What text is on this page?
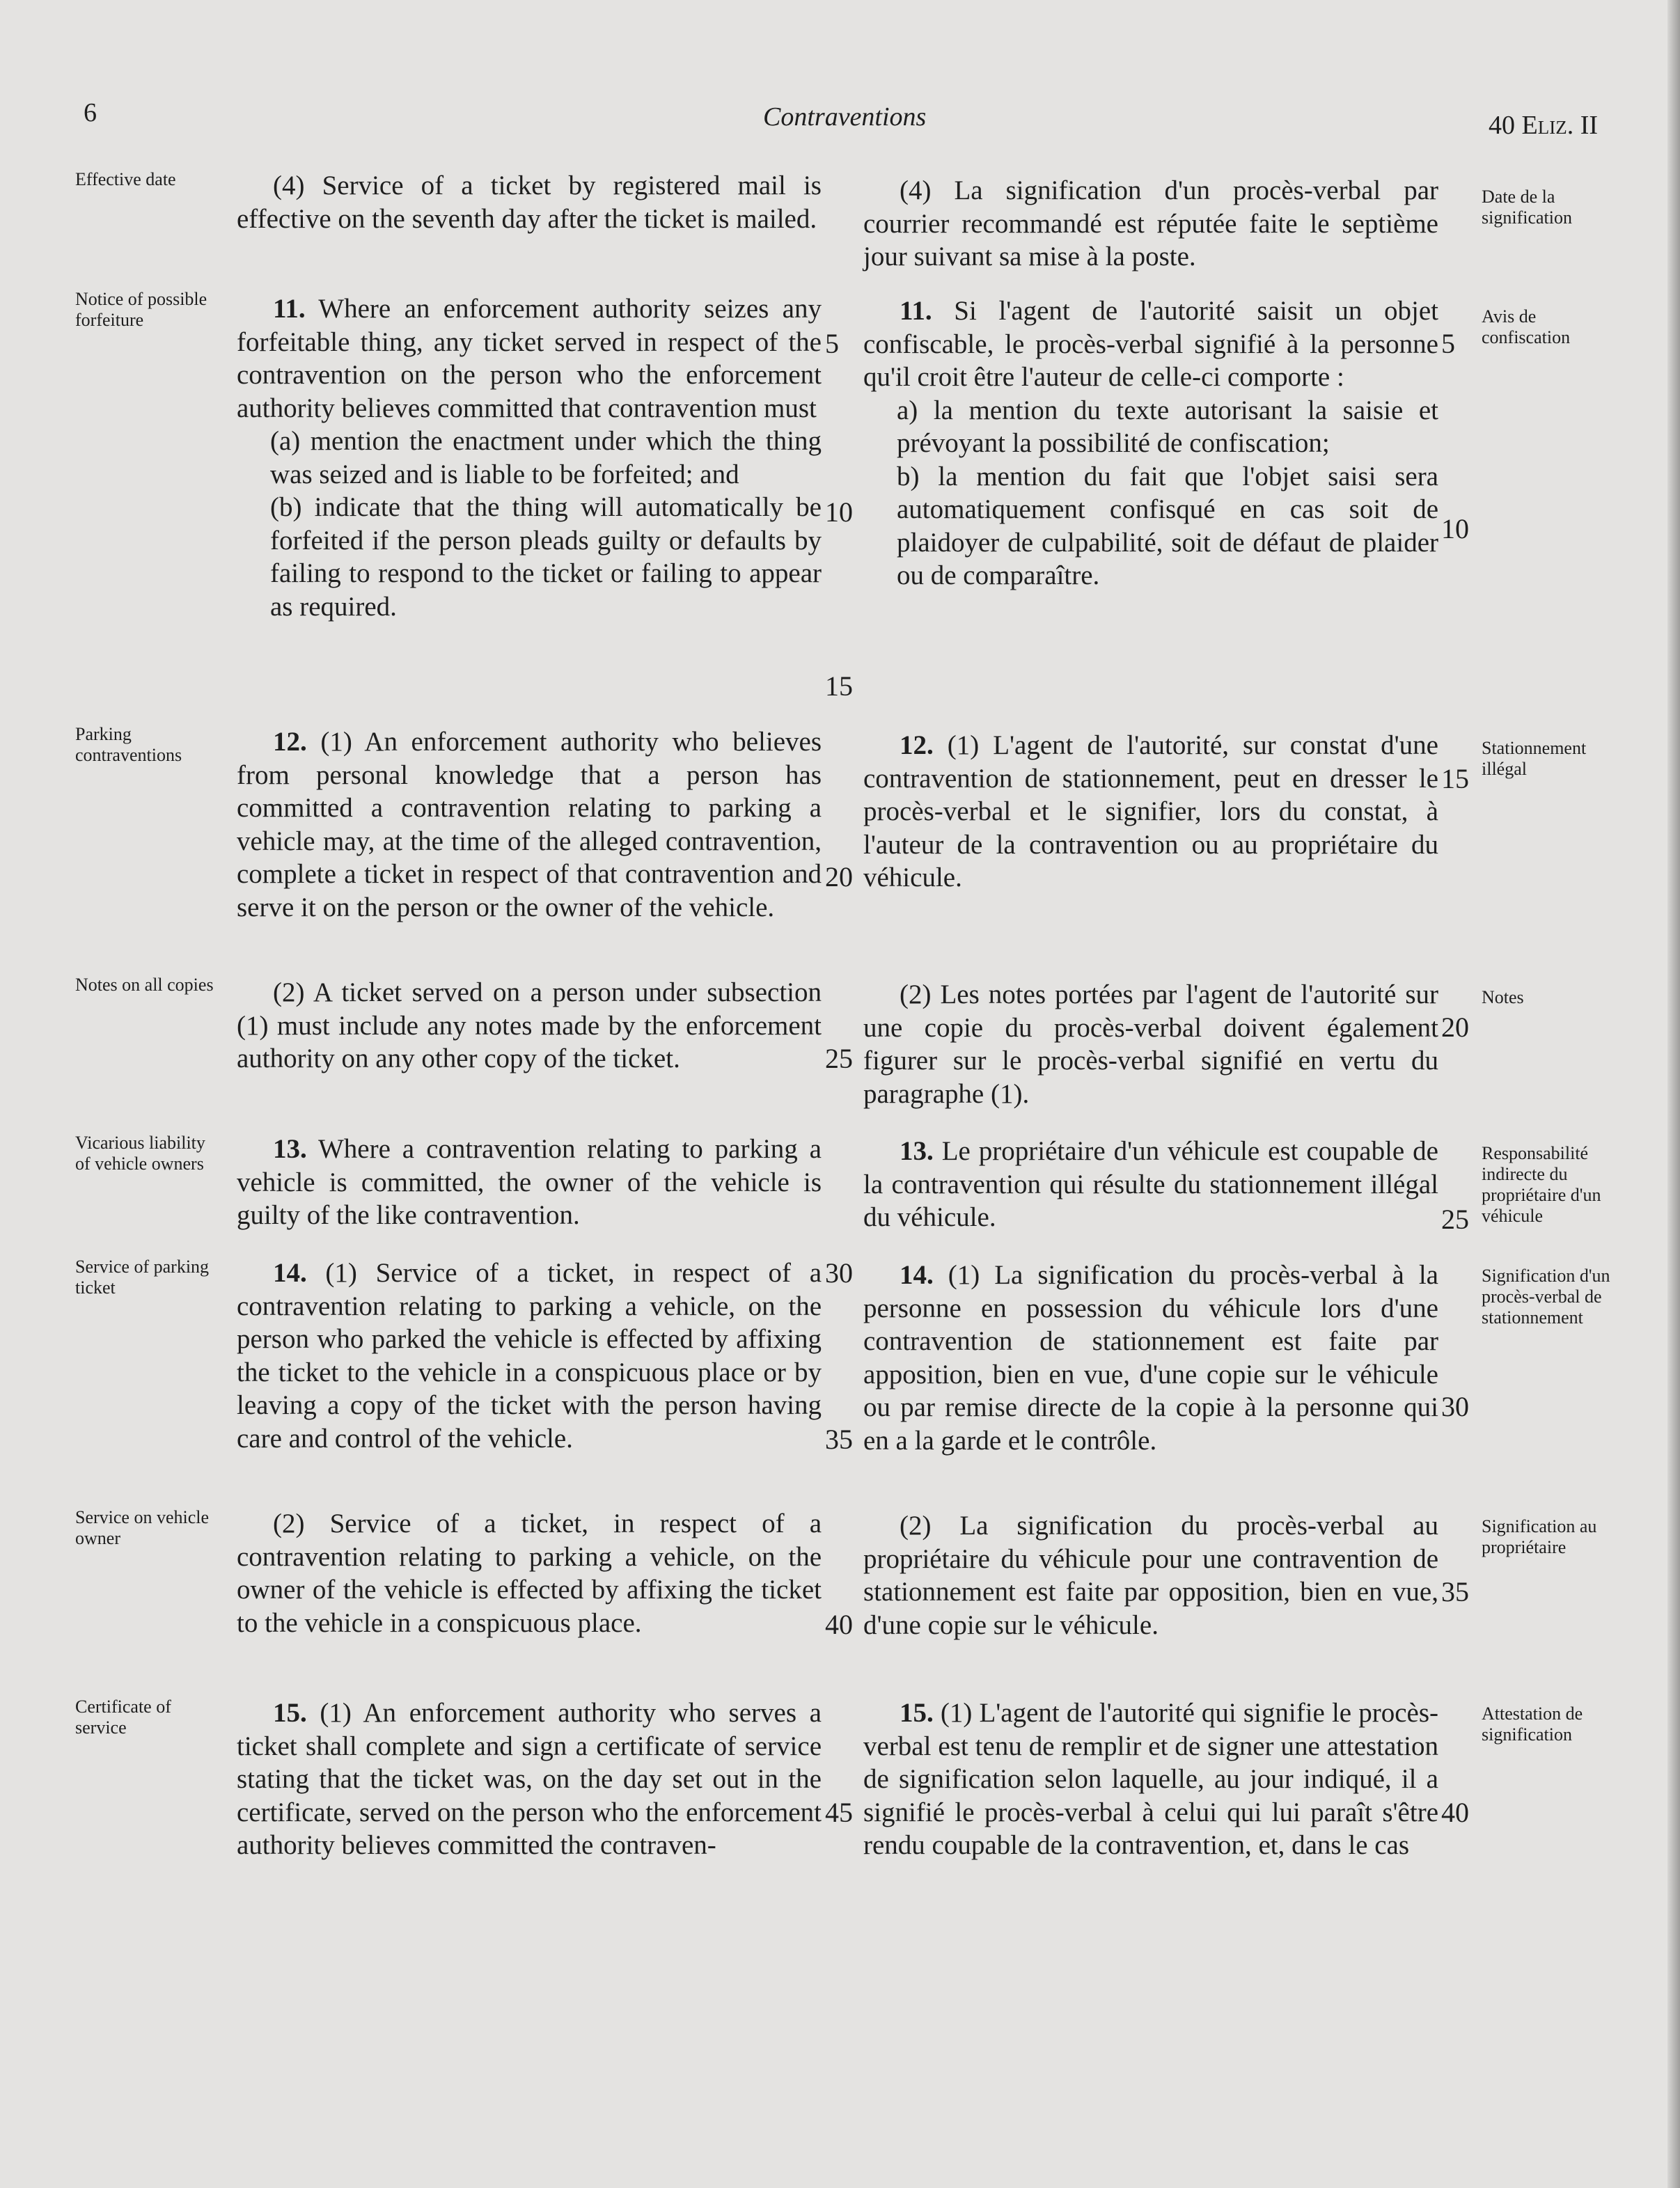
6	Contraventions	40 Eliz. II
Effective date
Notice of possible forfeiture
Parking contraventions
Notes on all copies
Vicarious liability of vehicle owners
Service of parking ticket
Service on vehicle owner
Certificate of service
Date de la signification
Avis de confiscation
Stationnement illégal
Notes
Responsabilité indirecte du propriétaire d'un véhicule
Signification d'un procès-verbal de stationnement
Signification au propriétaire
Attestation de signification
(4) Service of a ticket by registered mail is effective on the seventh day after the ticket is mailed.
11. Where an enforcement authority seizes any forfeitable thing, any ticket served in respect of the contravention on the person who the enforcement authority believes committed that contravention must
(a) mention the enactment under which the thing was seized and is liable to be forfeited; and
(b) indicate that the thing will automatically be forfeited if the person pleads guilty or defaults by failing to respond to the ticket or failing to appear as required.
12. (1) An enforcement authority who believes from personal knowledge that a person has committed a contravention relating to parking a vehicle may, at the time of the alleged contravention, complete a ticket in respect of that contravention and serve it on the person or the owner of the vehicle.
(2) A ticket served on a person under subsection (1) must include any notes made by the enforcement authority on any other copy of the ticket.
13. Where a contravention relating to parking a vehicle is committed, the owner of the vehicle is guilty of the like contravention.
14. (1) Service of a ticket, in respect of a contravention relating to parking a vehicle, on the person who parked the vehicle is effected by affixing the ticket to the vehicle in a conspicuous place or by leaving a copy of the ticket with the person having care and control of the vehicle.
(2) Service of a ticket, in respect of a contravention relating to parking a vehicle, on the owner of the vehicle is effected by affixing the ticket to the vehicle in a conspicuous place.
15. (1) An enforcement authority who serves a ticket shall complete and sign a certificate of service stating that the ticket was, on the day set out in the certificate, served on the person who the enforcement authority believes committed the contraven-
(4) La signification d'un procès-verbal par courrier recommandé est réputée faite le septième jour suivant sa mise à la poste.
11. Si l'agent de l'autorité saisit un objet confiscable, le procès-verbal signifié à la personne qu'il croit être l'auteur de celle-ci comporte :
a) la mention du texte autorisant la saisie et prévoyant la possibilité de confiscation;
b) la mention du fait que l'objet saisi sera automatiquement confisqué en cas soit de plaidoyer de culpabilité, soit de défaut de plaider ou de comparaître.
12. (1) L'agent de l'autorité, sur constat d'une contravention de stationnement, peut en dresser le procès-verbal et le signifier, lors du constat, à l'auteur de la contravention ou au propriétaire du véhicule.
(2) Les notes portées par l'agent de l'autorité sur une copie du procès-verbal doivent également figurer sur le procès-verbal signifié en vertu du paragraphe (1).
13. Le propriétaire d'un véhicule est coupable de la contravention qui résulte du stationnement illégal du véhicule.
14. (1) La signification du procès-verbal à la personne en possession du véhicule lors d'une contravention de stationnement est faite par apposition, bien en vue, d'une copie sur le véhicule ou par remise directe de la copie à la personne qui en a la garde et le contrôle.
(2) La signification du procès-verbal au propriétaire du véhicule pour une contravention de stationnement est faite par opposition, bien en vue, d'une copie sur le véhicule.
15. (1) L'agent de l'autorité qui signifie le procès-verbal est tenu de remplir et de signer une attestation de signification selon laquelle, au jour indiqué, il a signifié le procès-verbal à celui qui lui paraît s'être rendu coupable de la contravention, et, dans le cas
5
10
15
20
25
30
35
40
45
5
10
15
20
25
30
35
40
